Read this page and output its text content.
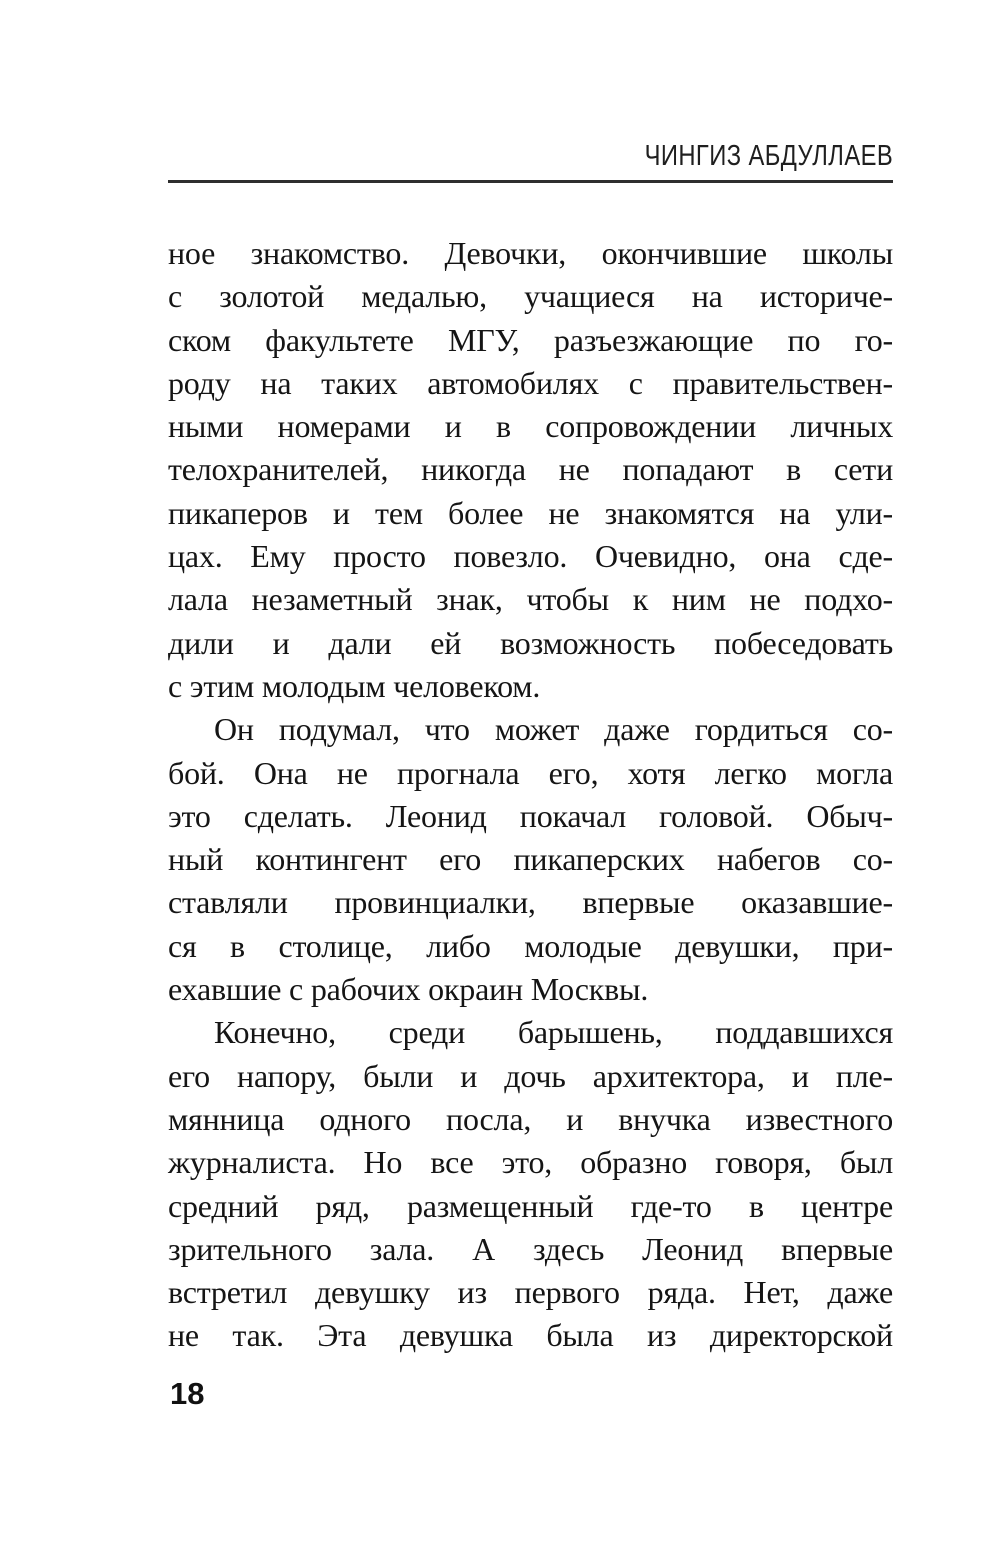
ЧИНГИЗ АБДУЛЛАЕВ
ное знакомство. Девочки, окончившие школы
с золотой медалью, учащиеся на историче-
ском факультете МГУ, разъезжающие по го-
роду на таких автомобилях с правительствен-
ными номерами и в сопровождении личных
телохранителей, никогда не попадают в сети
пикаперов и тем более не знакомятся на ули-
цах. Ему просто повезло. Очевидно, она сде-
лала незаметный знак, чтобы к ним не подхо-
дили и дали ей возможность побеседовать
с этим молодым человеком.
Он подумал, что может даже гордиться со-
бой. Она не прогнала его, хотя легко могла
это сделать. Леонид покачал головой. Обыч-
ный контингент его пикаперских набегов со-
ставляли провинциалки, впервые оказавшие-
ся в столице, либо молодые девушки, при-
ехавшие с рабочих окраин Москвы.
Конечно, среди барышень, поддавшихся
его напору, были и дочь архитектора, и пле-
мянница одного посла, и внучка известного
журналиста. Но все это, образно говоря, был
средний ряд, размещенный где-то в центре
зрительного зала. А здесь Леонид впервые
встретил девушку из первого ряда. Нет, даже
не так. Эта девушка была из директорской
18
